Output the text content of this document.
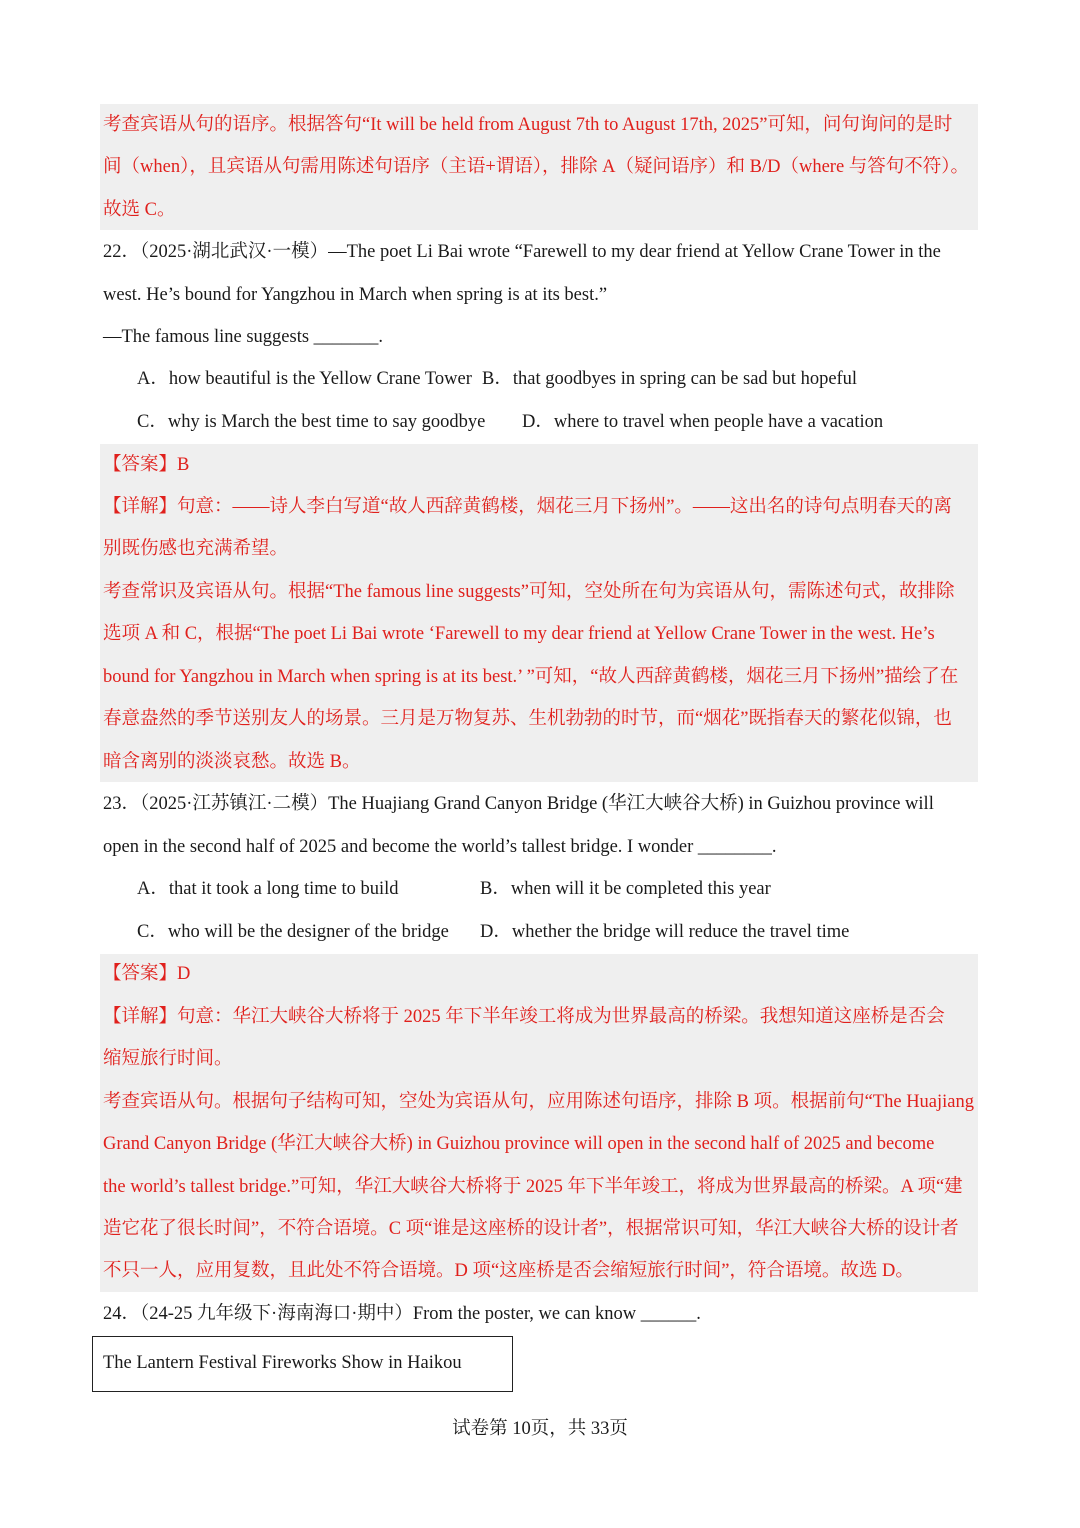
考查宾语从句的语序。根据答句“It will be held from August 7th to August 17th, 2025”可知，问句询问的是时
间（when），且宾语从句需用陈述句语序（主语+谓语），排除 A（疑问语序）和 B/D（where 与答句不符）。
故选 C。
22．（2025·湖北武汉·一模）—The poet Li Bai wrote “Farewell to my dear friend at Yellow Crane Tower in the
west. He’s bound for Yangzhou in March when spring is at its best.”
—The famous line suggests _______.
A．how beautiful is the Yellow Crane Tower B．that goodbyes in spring can be sad but hopeful
C．why is March the best time to say goodbye D．where to travel when people have a vacation
【答案】B
【详解】句意：——诗人李白写道“故人西辞黄鹤楼，烟花三月下扬州”。——这出名的诗句点明春天的离
别既伤感也充满希望。
考查常识及宾语从句。根据“The famous line suggests”可知，空处所在句为宾语从句，需陈述句式，故排除
选项 A 和 C，根据“The poet Li Bai wrote ‘Farewell to my dear friend at Yellow Crane Tower in the west. He’s
bound for Yangzhou in March when spring is at its best.’ ”可知，“故人西辞黄鹤楼，烟花三月下扬州”描绘了在
春意盎然的季节送别友人的场景。三月是万物复苏、生机勃勃的时节，而“烟花”既指春天的繁花似锦，也
暗含离别的淡淡哀愁。故选 B。
23．（2025·江苏镇江·二模）The Huajiang Grand Canyon Bridge (华江大峡谷大桥) in Guizhou province will
open in the second half of 2025 and become the world’s tallest bridge. I wonder ________.
A．that it took a long time to build	B．when will it be completed this year
C．who will be the designer of the bridge D．whether the bridge will reduce the travel time
【答案】D
【详解】句意：华江大峡谷大桥将于 2025 年下半年竣工将成为世界最高的桥梁。我想知道这座桥是否会
缩短旅行时间。
考查宾语从句。根据句子结构可知，空处为宾语从句，应用陈述句语序，排除 B 项。根据前句“The Huajiang
Grand Canyon Bridge (华江大峡谷大桥) in Guizhou province will open in the second half of 2025 and become
the world’s tallest bridge.”可知，华江大峡谷大桥将于 2025 年下半年竣工，将成为世界最高的桥梁。A 项“建
造它花了很长时间”，不符合语境。C 项“谁是这座桥的设计者”，根据常识可知，华江大峡谷大桥的设计者
不只一人，应用复数，且此处不符合语境。D 项“这座桥是否会缩短旅行时间”，符合语境。故选 D。
24．（24-25 九年级下·海南海口·期中）From the poster, we can know ______.
The Lantern Festival Fireworks Show in Haikou
试卷第 10页，共 33页
